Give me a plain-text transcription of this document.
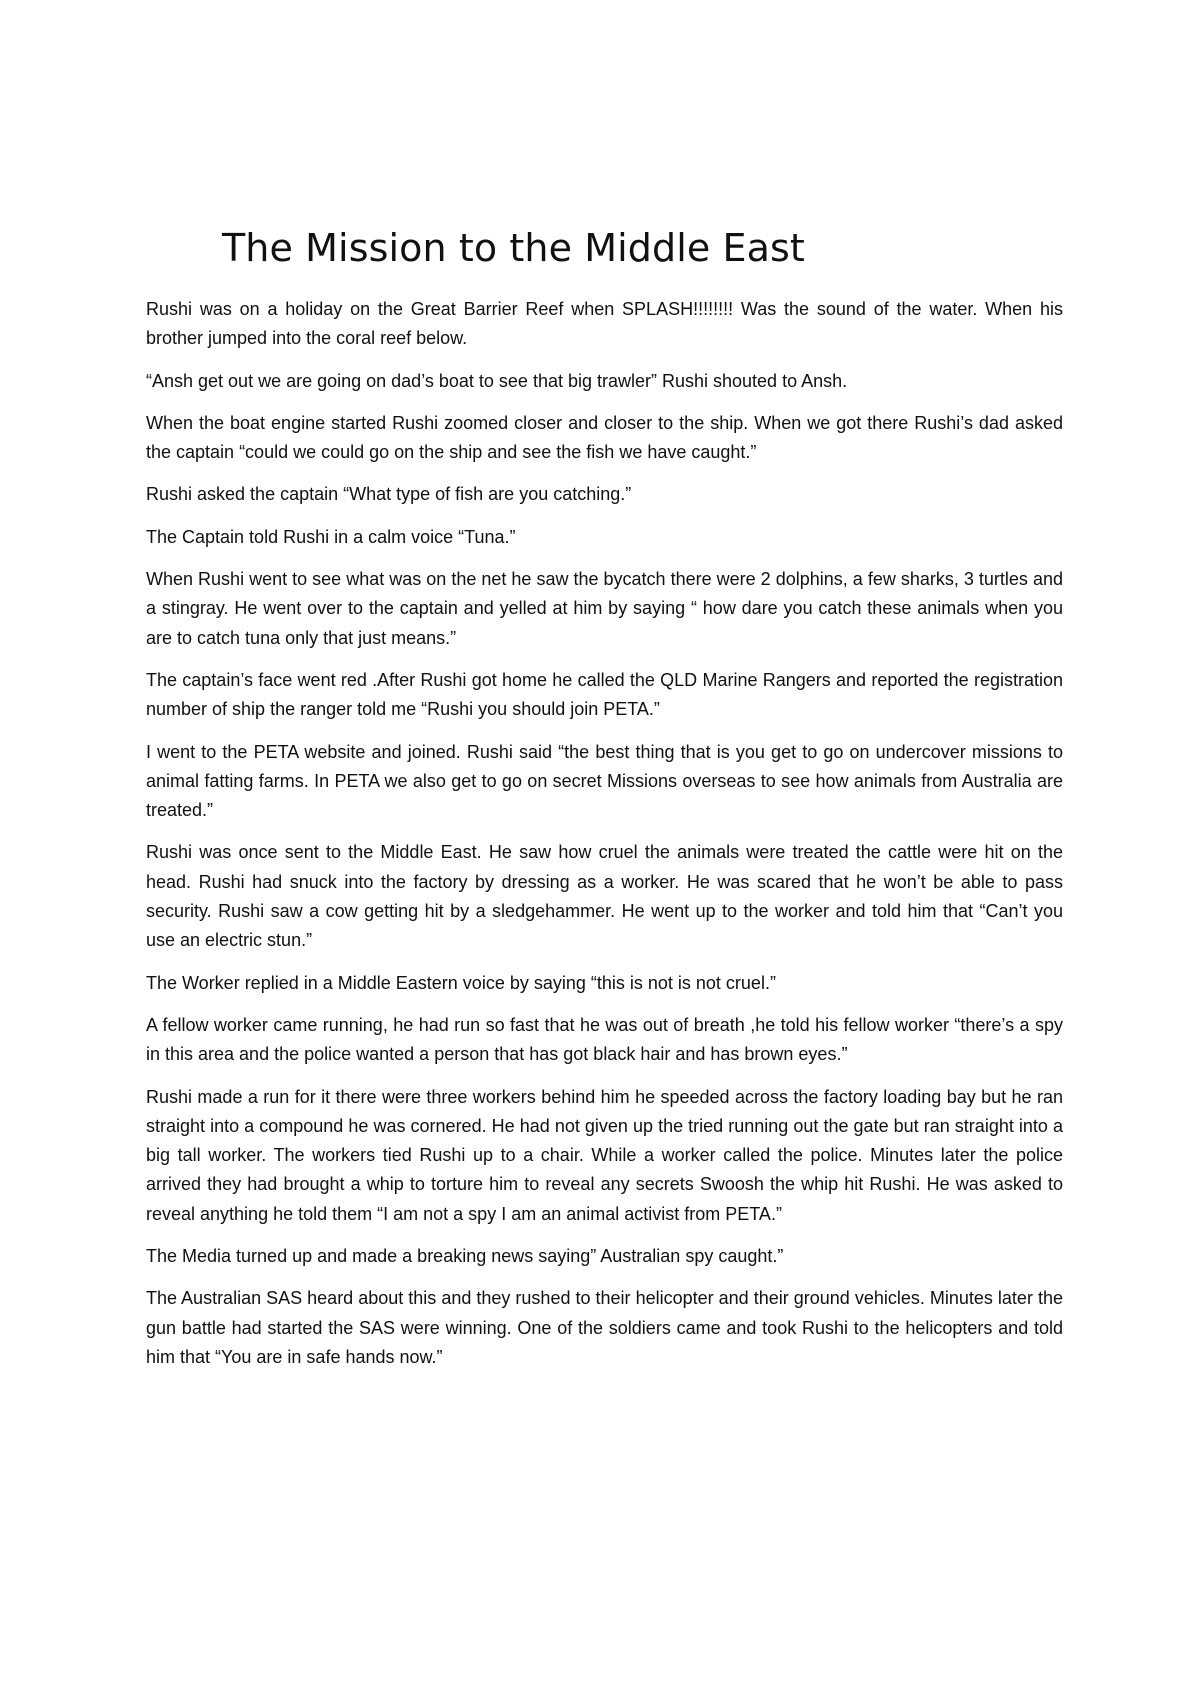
The Mission to the Middle East

Rushi was on a holiday on the Great Barrier Reef when SPLASH!!!!!!!! Was the sound of the water. When his brother jumped into the coral reef below.

“Ansh get out we are going on dad’s boat to see that big trawler” Rushi shouted to Ansh.

When the boat engine started Rushi zoomed closer and closer to the ship. When we got there Rushi’s dad asked the captain “could we could go on the ship and see the fish we have caught.”

Rushi asked the captain “What type of fish are you catching.”

The Captain told Rushi in a calm voice “Tuna.”

When Rushi went to see what was on the net he saw the bycatch there were 2 dolphins, a few sharks, 3 turtles and a stingray. He went over to the captain and yelled at him by saying “ how dare you catch these animals when you are to catch tuna only that just means.”

The captain’s face went red .After Rushi got home he called the QLD Marine Rangers and reported the registration number of ship the ranger told me “Rushi you should join PETA.”

I went to the PETA website and joined. Rushi said “the best thing that is you get to go on undercover missions to animal fatting farms. In PETA we also get to go on secret Missions overseas to see how animals from Australia are treated.”

Rushi was once sent to the Middle East. He saw how cruel the animals were treated the cattle were hit on the head. Rushi had snuck into the factory by dressing as a worker. He was scared that he won’t be able to pass security. Rushi saw a cow getting hit by a sledgehammer. He went up to the worker and told him that “Can’t you use an electric stun.”

The Worker replied in a Middle Eastern voice by saying “this is not is not cruel.”

A fellow worker came running, he had run so fast that he was out of breath ,he told his fellow worker “there’s a spy in this area and the police wanted a person that has got black hair and has brown eyes.”

Rushi made a run for it there were three workers behind him he speeded across the factory loading bay but he ran straight into a compound he was cornered. He had not given up the tried running out the gate but ran straight into a big tall worker. The workers tied Rushi up to a chair. While a worker called the police. Minutes later the police arrived they had brought a whip to torture him to reveal any secrets Swoosh the whip hit Rushi. He was asked to reveal anything he told them “I am not a spy I am an animal activist from PETA.”

The Media turned up and made a breaking news saying” Australian spy caught.”

The Australian SAS heard about this and they rushed to their helicopter and their ground vehicles. Minutes later the gun battle had started the SAS were winning. One of the soldiers came and took Rushi to the helicopters and told him that “You are in safe hands now.”
